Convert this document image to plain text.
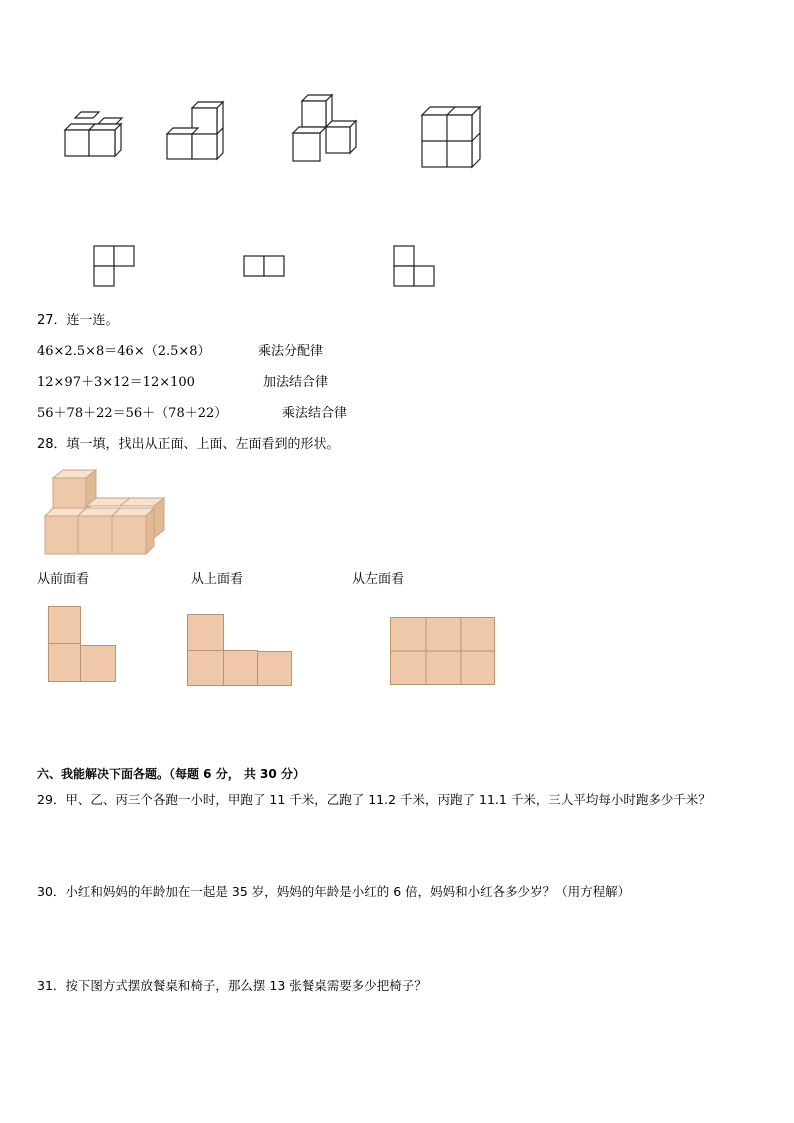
27．连一连。
46×2.5×8＝46×（2.5×8）	乘法分配律
12×97＋3×12＝12×100	加法结合律
56＋78＋22＝56＋（78＋22）	乘法结合律
28．填一填，找出从正面、上面、左面看到的形状。
从前面看	从上面看	从左面看
六、我能解决下面各题。（每题 6 分， 共 30 分）
29．甲、乙、丙三个各跑一小时，甲跑了 11 千米，乙跑了 11.2 千米，丙跑了 11.1 千米，三人平均每小时跑多少千米？
30．小红和妈妈的年龄加在一起是 35 岁，妈妈的年龄是小红的 6 倍，妈妈和小红各多少岁？（用方程解）
31．按下图方式摆放餐桌和椅子，那么摆 13 张餐桌需要多少把椅子？
